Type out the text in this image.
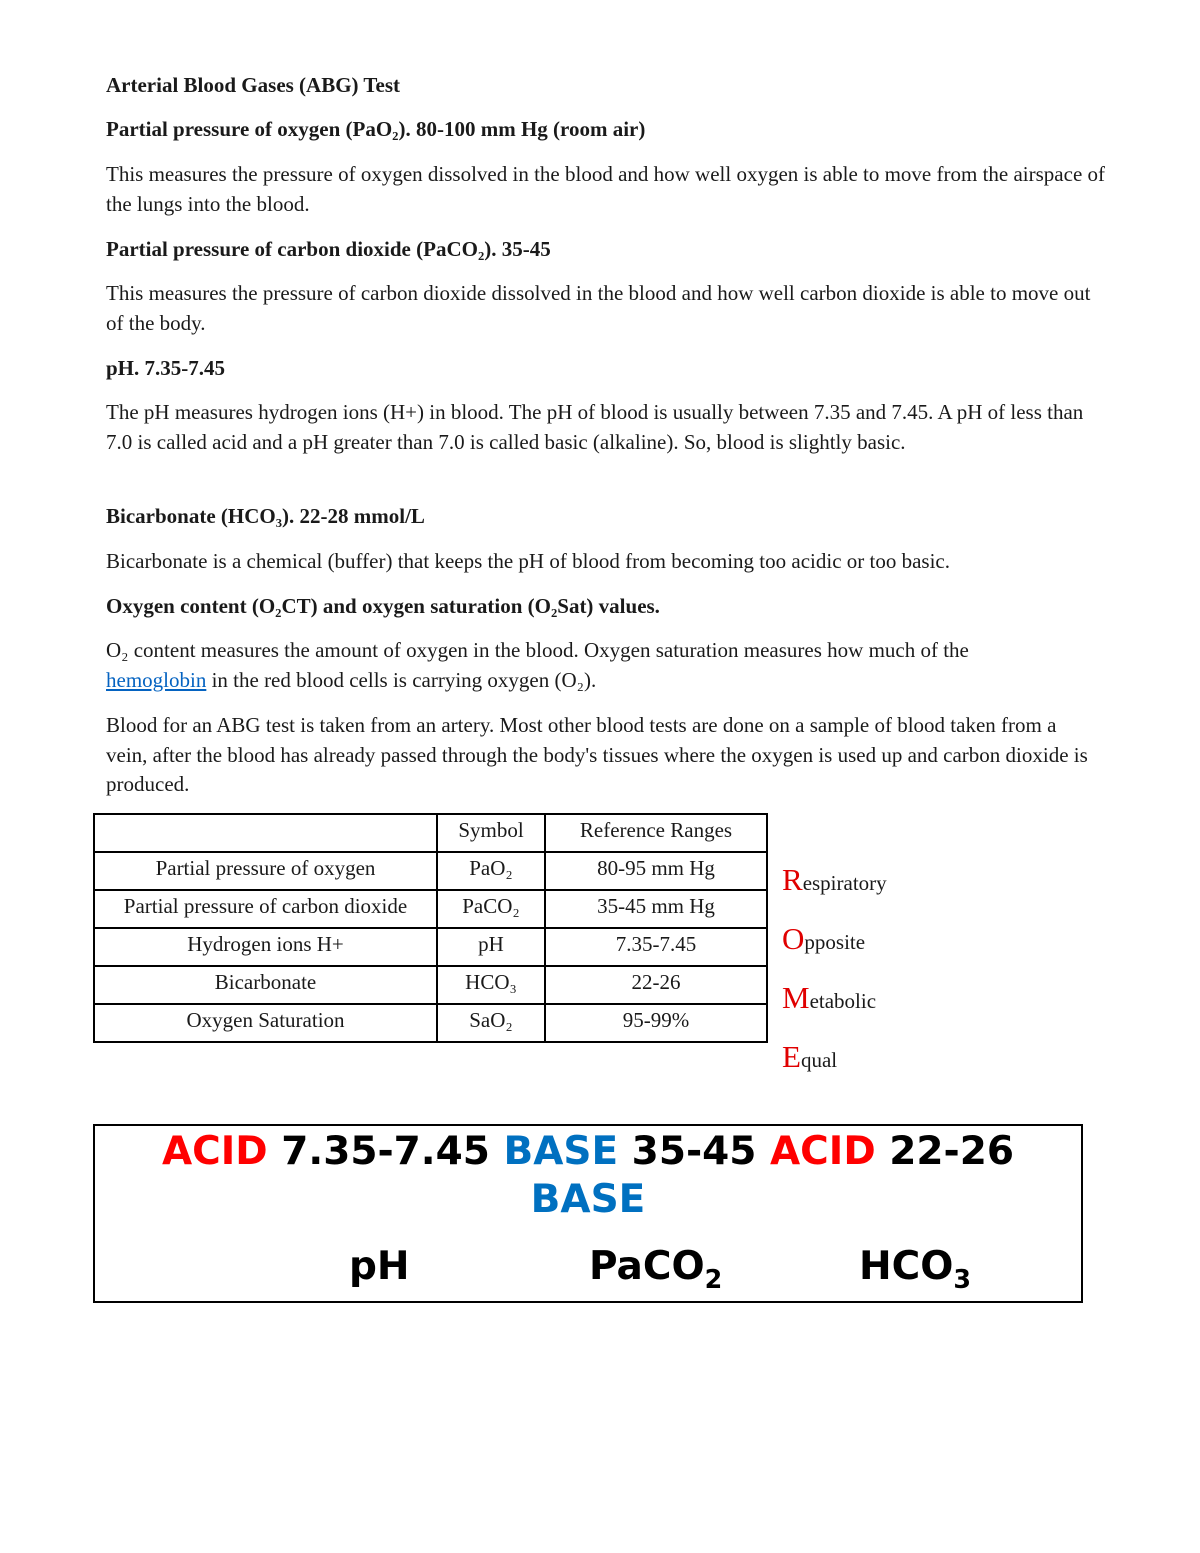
Arterial Blood Gases (ABG) Test
Partial pressure of oxygen (PaO₂). 80-100 mm Hg (room air)
This measures the pressure of oxygen dissolved in the blood and how well oxygen is able to move from the airspace of the lungs into the blood.
Partial pressure of carbon dioxide (PaCO₂). 35-45
This measures the pressure of carbon dioxide dissolved in the blood and how well carbon dioxide is able to move out of the body.
pH. 7.35-7.45
The pH measures hydrogen ions (H+) in blood. The pH of blood is usually between 7.35 and 7.45. A pH of less than 7.0 is called acid and a pH greater than 7.0 is called basic (alkaline). So, blood is slightly basic.
Bicarbonate (HCO₃). 22-28 mmol/L
Bicarbonate is a chemical (buffer) that keeps the pH of blood from becoming too acidic or too basic.
Oxygen content (O₂CT) and oxygen saturation (O₂Sat) values.
O₂ content measures the amount of oxygen in the blood. Oxygen saturation measures how much of the hemoglobin in the red blood cells is carrying oxygen (O₂).
Blood for an ABG test is taken from an artery. Most other blood tests are done on a sample of blood taken from a vein, after the blood has already passed through the body's tissues where the oxygen is used up and carbon dioxide is produced.
	Symbol	Reference Ranges
Partial pressure of oxygen	PaO₂	80-95 mm Hg
Partial pressure of carbon dioxide	PaCO₂	35-45 mm Hg
Hydrogen ions H+	pH	7.35-7.45
Bicarbonate	HCO₃	22-26
Oxygen Saturation	SaO₂	95-99%
Respiratory
Opposite
Metabolic
Equal
ACID 7.35-7.45 BASE 35-45 ACID 22-26
BASE
pH	PaCO$_2$	$HCO_3$
